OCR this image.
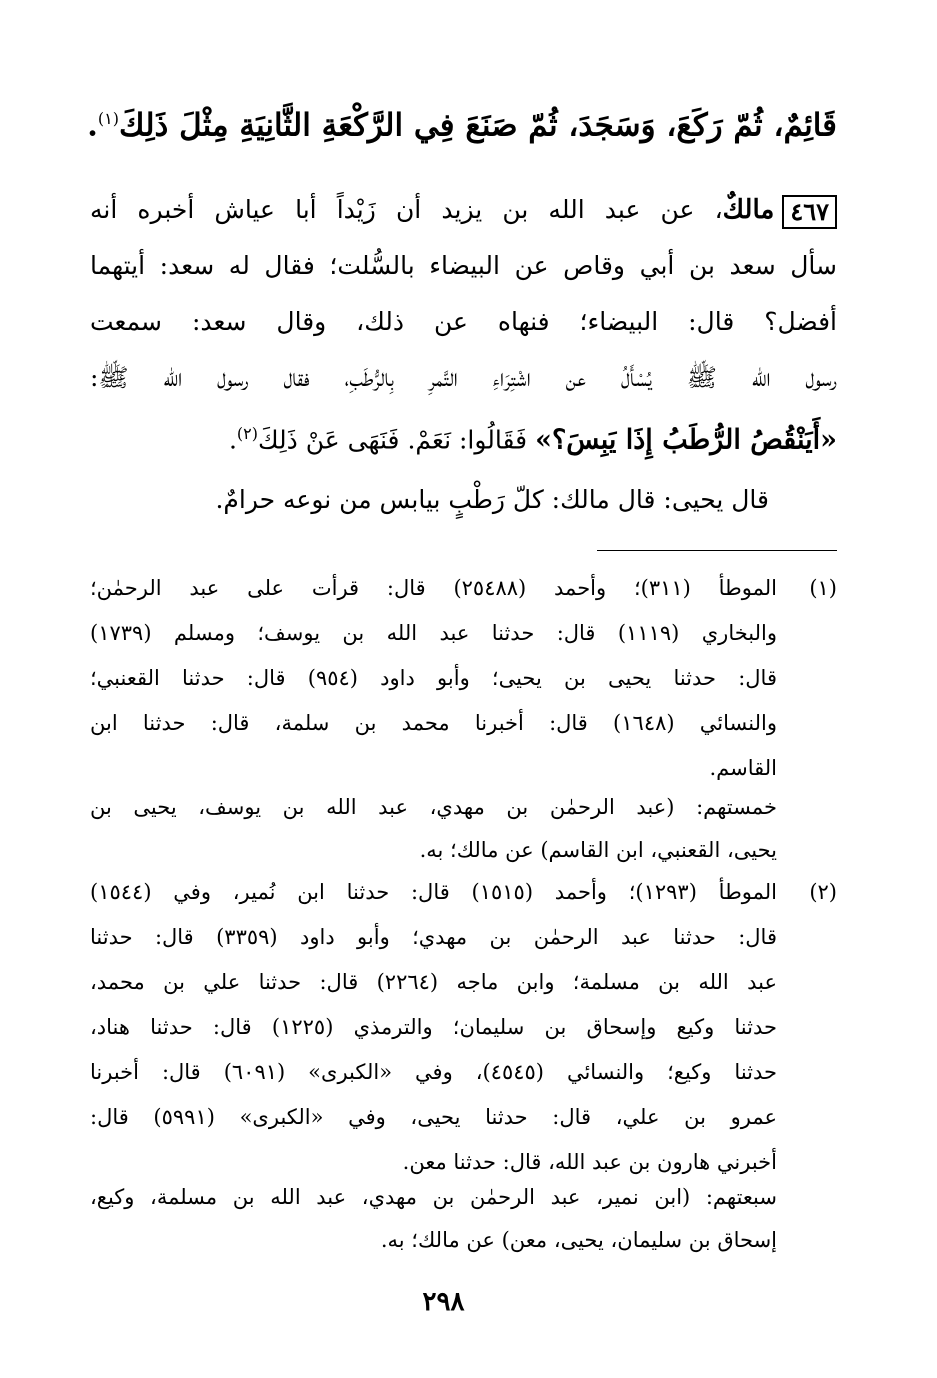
قَائِمٌ، ثُمّ رَكَعَ، وَسَجَدَ، ثُمّ صَنَعَ فِي الرَّكْعَةِ الثَّانِيَةِ مِثْلَ ذَلِكَ$^{(١)}$.
٤٦٧مالكٌ، عن عبد الله بن يزيد أن زَيْداً أبا عياش أخبره أنه
سأل سعد بن أبي وقاص عن البيضاء بالسُّلت؛ فقال له سعد: أيتهما
أفضل؟ قال: البيضاء؛ فنهاه عن ذلك، وقال سعد: سمعت
رسول الله ﷺ يُسْأَلُ عن اشْتِرَاءِ التَّمرِ بِالرُّطَبِ، فقال رسول الله ﷺ:
«أَيَنْقُصُ الرُّطَبُ إِذَا يَبِسَ؟» فَقَالُوا: نَعَمْ. فَنَهَى عَنْ ذَلِكَ$^{(٢)}$.
قال يحيى: قال مالك: كلّ رَطْبٍ بيابس من نوعه حرامٌ.
(١)
الموطأ (٣١١)؛ وأحمد (٢٥٤٨٨) قال: قرأت على عبد الرحمٰن؛
والبخاري (١١١٩) قال: حدثنا عبد الله بن يوسف؛ ومسلم (١٧٣٩)
قال: حدثنا يحيى بن يحيى؛ وأبو داود (٩٥٤) قال: حدثنا القعنبي؛
والنسائي (١٦٤٨) قال: أخبرنا محمد بن سلمة، قال: حدثنا ابن
القاسم.
خمستهم: (عبد الرحمٰن بن مهدي، عبد الله بن يوسف، يحيى بن
يحيى، القعنبي، ابن القاسم) عن مالك؛ به.
(٢)
الموطأ (١٢٩٣)؛ وأحمد (١٥١٥) قال: حدثنا ابن نُمير، وفي (١٥٤٤)
قال: حدثنا عبد الرحمٰن بن مهدي؛ وأبو داود (٣٣٥٩) قال: حدثنا
عبد الله بن مسلمة؛ وابن ماجه (٢٢٦٤) قال: حدثنا علي بن محمد،
حدثنا وكيع وإسحاق بن سليمان؛ والترمذي (١٢٢٥) قال: حدثنا هناد،
حدثنا وكيع؛ والنسائي (٤٥٤٥)، وفي «الكبرى» (٦٠٩١) قال: أخبرنا
عمرو بن علي، قال: حدثنا يحيى، وفي «الكبرى» (٥٩٩١) قال:
أخبرني هارون بن عبد الله، قال: حدثنا معن.
سبعتهم: (ابن نمير، عبد الرحمٰن بن مهدي، عبد الله بن مسلمة، وكيع،
إسحاق بن سليمان، يحيى، معن) عن مالك؛ به.
٢٩٨
